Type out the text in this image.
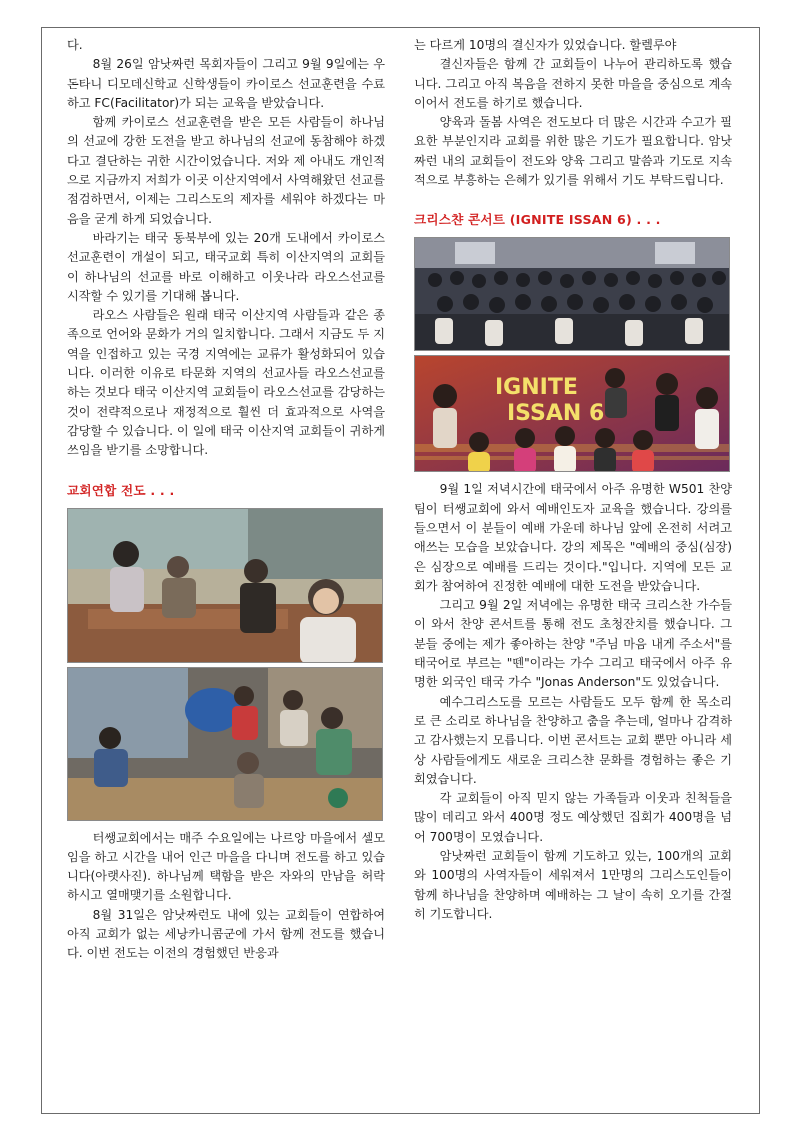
다.

8월 26일 암낫짜런 목회자들이 그리고 9월 9일에는 우돈타니 디모데신학교 신학생들이 카이로스 선교훈련을 수료하고 FC(Facilitator)가 되는 교육을 받았습니다.

함께 카이로스 선교훈련을 받은 모든 사람들이 하나님의 선교에 강한 도전을 받고 하나님의 선교에 동참해야 하겠다고 결단하는 귀한 시간이었습니다. 저와 제 아내도 개인적으로 지금까지 저희가 이곳 이산지역에서 사역해왔던 선교를 점검하면서, 이제는 그리스도의 제자를 세워야 하겠다는 마음을 굳게 하게 되었습니다.

바라기는 태국 동북부에 있는 20개 도내에서 카이로스 선교훈련이 개설이 되고, 태국교회 특히 이산지역의 교회들이 하나님의 선교를 바로 이해하고 이웃나라 라오스선교를 시작할 수 있기를 기대해 봅니다.

라오스 사람들은 원래 태국 이산지역 사람들과 같은 종족으로 언어와 문화가 거의 일치합니다. 그래서 지금도 두 지역을 인접하고 있는 국경 지역에는 교류가 활성화되어 있습니다. 이러한 이유로 타문화 지역의 선교사들 라오스선교를 하는 것보다 태국 이산지역 교회들이 라오스선교를 감당하는 것이 전략적으로나 재정적으로 훨씬 더 효과적으로 사역을 감당할 수 있습니다. 이 일에 태국 이산지역 교회들이 귀하게 쓰임을 받기를 소망합니다.

교회연합 전도 . . .

터쌩교회에서는 매주 수요일에는 나르앙 마을에서 셀모임을 하고 시간을 내어 인근 마을을 다니며 전도를 하고 있습니다(아랫사진). 하나님께 택함을 받은 자와의 만남을 허락하시고 열매맺기를 소원합니다.

8월 31일은 암낫짜런도 내에 있는 교회들이 연합하여 아직 교회가 없는 세낭카니콤군에 가서 함께 전도를 했습니다. 이번 전도는 이전의 경험했던 반응과

는 다르게 10명의 결신자가 있었습니다. 할렐루야

결신자들은 함께 간 교회들이 나누어 관리하도록 했습니다. 그리고 아직 복음을 전하지 못한 마을을 중심으로 계속 이어서 전도를 하기로 했습니다.

양육과 돌봄 사역은 전도보다 더 많은 시간과 수고가 필요한 부분인지라 교회를 위한 많은 기도가 필요합니다. 암낫짜런 내의 교회들이 전도와 양육 그리고 말씀과 기도로 지속적으로 부흥하는 은혜가 있기를 위해서 기도 부탁드립니다.

크리스챤 콘서트 (IGNITE ISSAN 6) . . .
IGNITE
ISSAN 6

9월 1일 저녁시간에 태국에서 아주 유명한 W501 찬양팀이 터쌩교회에 와서 예배인도자 교육을 했습니다. 강의를 들으면서 이 분들이 예배 가운데 하나님 앞에 온전히 서려고 애쓰는 모습을 보았습니다. 강의 제목은 "예배의 중심(심장)은 심장으로 예배를 드리는 것이다."입니다. 지역에 모든 교회가 참여하여 진정한 예배에 대한 도전을 받았습니다.

그리고 9월 2일 저녁에는 유명한 태국 크리스찬 가수들이 와서 찬양 콘서트를 통해 전도 초청잔치를 했습니다. 그 분들 중에는 제가 좋아하는 찬양 "주님 마음 내게 주소서"를 태국어로 부르는 "뗀"이라는 가수 그리고 태국에서 아주 유명한 외국인 태국 가수 "Jonas Anderson"도 있었습니다.

예수그리스도를 모르는 사람들도 모두 함께 한 목소리로 큰 소리로 하나님을 찬양하고 춤을 추는데, 얼마나 감격하고 감사했는지 모릅니다. 이번 콘서트는 교회 뿐만 아니라 세상 사람들에게도 새로운 크리스챤 문화를 경험하는 좋은 기회였습니다.

각 교회들이 아직 믿지 않는 가족들과 이웃과 친척들을 많이 데리고 와서 400명 정도 예상했던 집회가 400명을 넘어 700명이 모였습니다.

암낫짜런 교회들이 함께 기도하고 있는, 100개의 교회와 100명의 사역자들이 세워져서 1만명의 그리스도인들이 함께 하나님을 찬양하며 예배하는 그 날이 속히 오기를 간절히 기도합니다.
